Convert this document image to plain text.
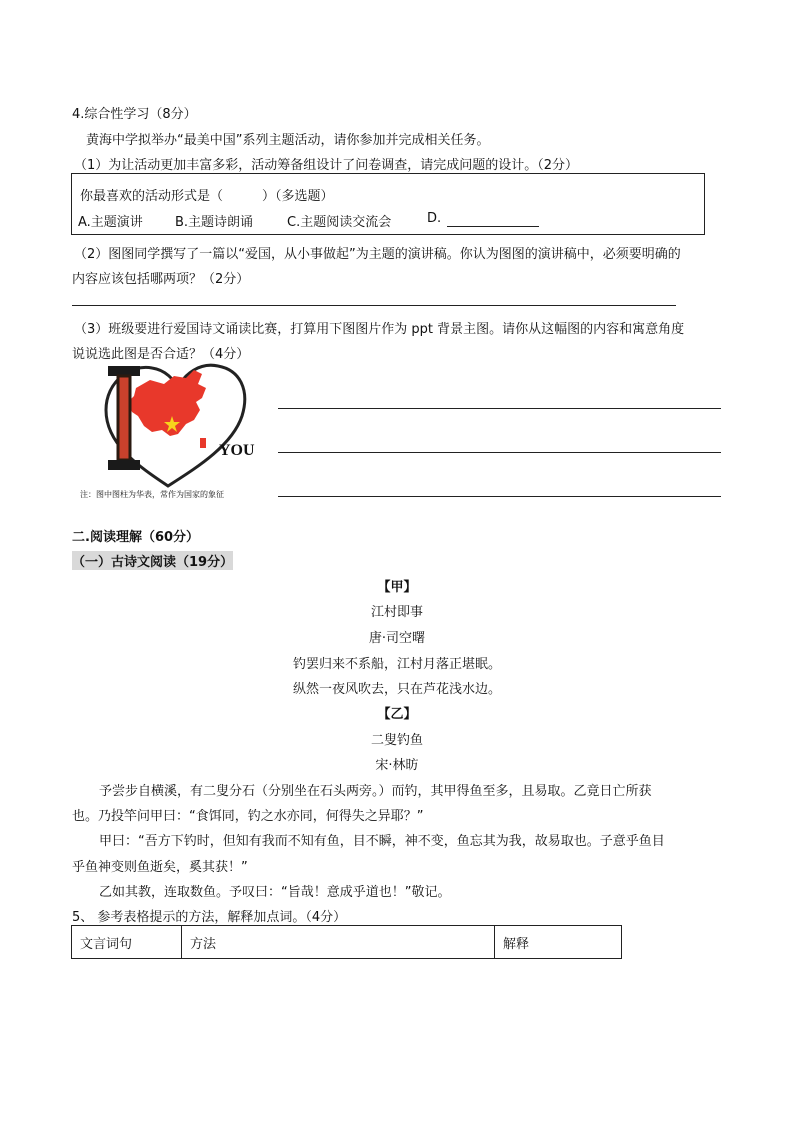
4.综合性学习（8分）
黄海中学拟举办“最美中国”系列主题活动，请你参加并完成相关任务。
（1）为让活动更加丰富多彩，活动筹备组设计了问卷调查，请完成问题的设计。（2分）
你最喜欢的活动形式是（　　　）（多选题）
A.主题演讲 B.主题诗朗诵	C.主题阅读交流会	D.
（2）图图同学撰写了一篇以“爱国，从小事做起”为主题的演讲稿。你认为图图的演讲稿中，必须要明确的
内容应该包括哪两项？（2分）
（3）班级要进行爱国诗文诵读比赛，打算用下图图片作为 ppt 背景主图。请你从这幅图的内容和寓意角度
说说选此图是否合适？（4分）
YOU
注：图中图柱为华表，常作为国家的象征
二.阅读理解（60分）
（一）古诗文阅读（19分）
【甲】
江村即事
唐·司空曙
钓罢归来不系船，江村月落正堪眠。
纵然一夜风吹去，只在芦花浅水边。
【乙】
二叟钓鱼
宋·林昉
予尝步自横溪，有二叟分石（分别坐在石头两旁。）而钓，其甲得鱼至多，且易取。乙竟日亡所获
也。乃投竿问甲曰：“食饵同，钓之水亦同，何得失之异耶？”
甲曰：“吾方下钓时，但知有我而不知有鱼，目不瞬，神不变，鱼忘其为我，故易取也。子意乎鱼目
乎鱼神变则鱼逝矣，奚其获！”
乙如其教，连取数鱼。予叹曰：“旨哉！意成乎道也！”敬记。
5、 参考表格提示的方法，解释加点词。（4分）
文言词句	方法	解释
